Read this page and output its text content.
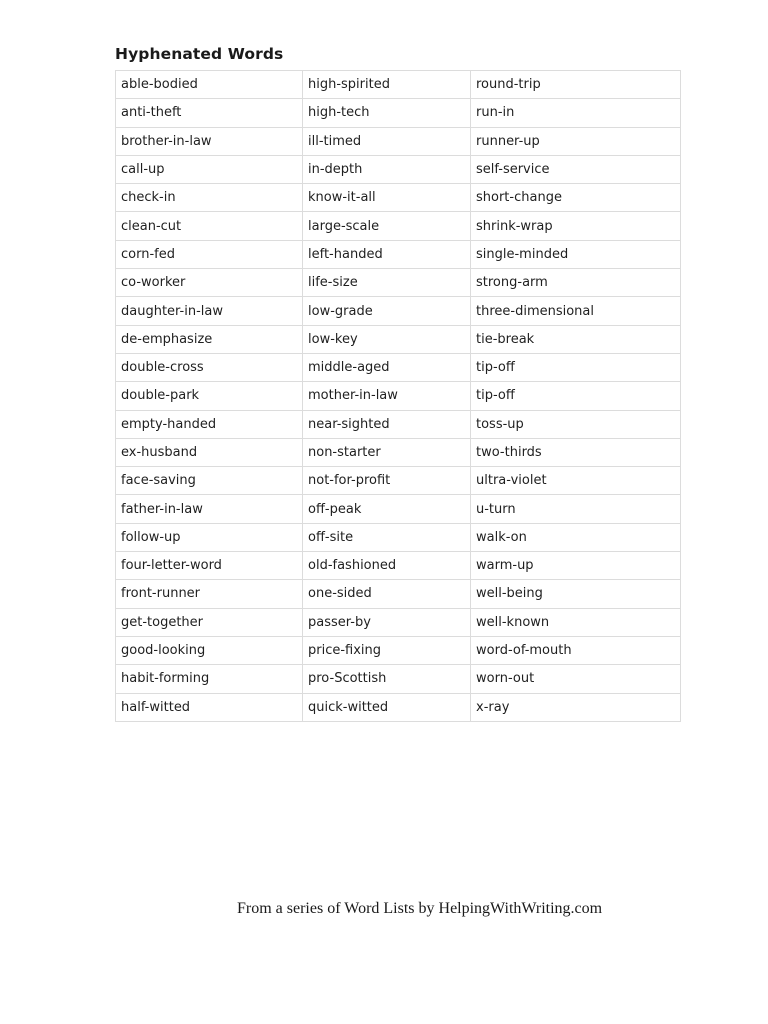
Hyphenated Words
able-bodied	high-spirited	round-trip
anti-theft	high-tech	run-in
brother-in-law	ill-timed	runner-up
call-up	in-depth	self-service
check-in	know-it-all	short-change
clean-cut	large-scale	shrink-wrap
corn-fed	left-handed	single-minded
co-worker	life-size	strong-arm
daughter-in-law	low-grade	three-dimensional
de-emphasize	low-key	tie-break
double-cross	middle-aged	tip-off
double-park	mother-in-law	tip-off
empty-handed	near-sighted	toss-up
ex-husband	non-starter	two-thirds
face-saving	not-for-profit	ultra-violet
father-in-law	off-peak	u-turn
follow-up	off-site	walk-on
four-letter-word	old-fashioned	warm-up
front-runner	one-sided	well-being
get-together	passer-by	well-known
good-looking	price-fixing	word-of-mouth
habit-forming	pro-Scottish	worn-out
half-witted	quick-witted	x-ray
From a series of Word Lists by HelpingWithWriting.com
